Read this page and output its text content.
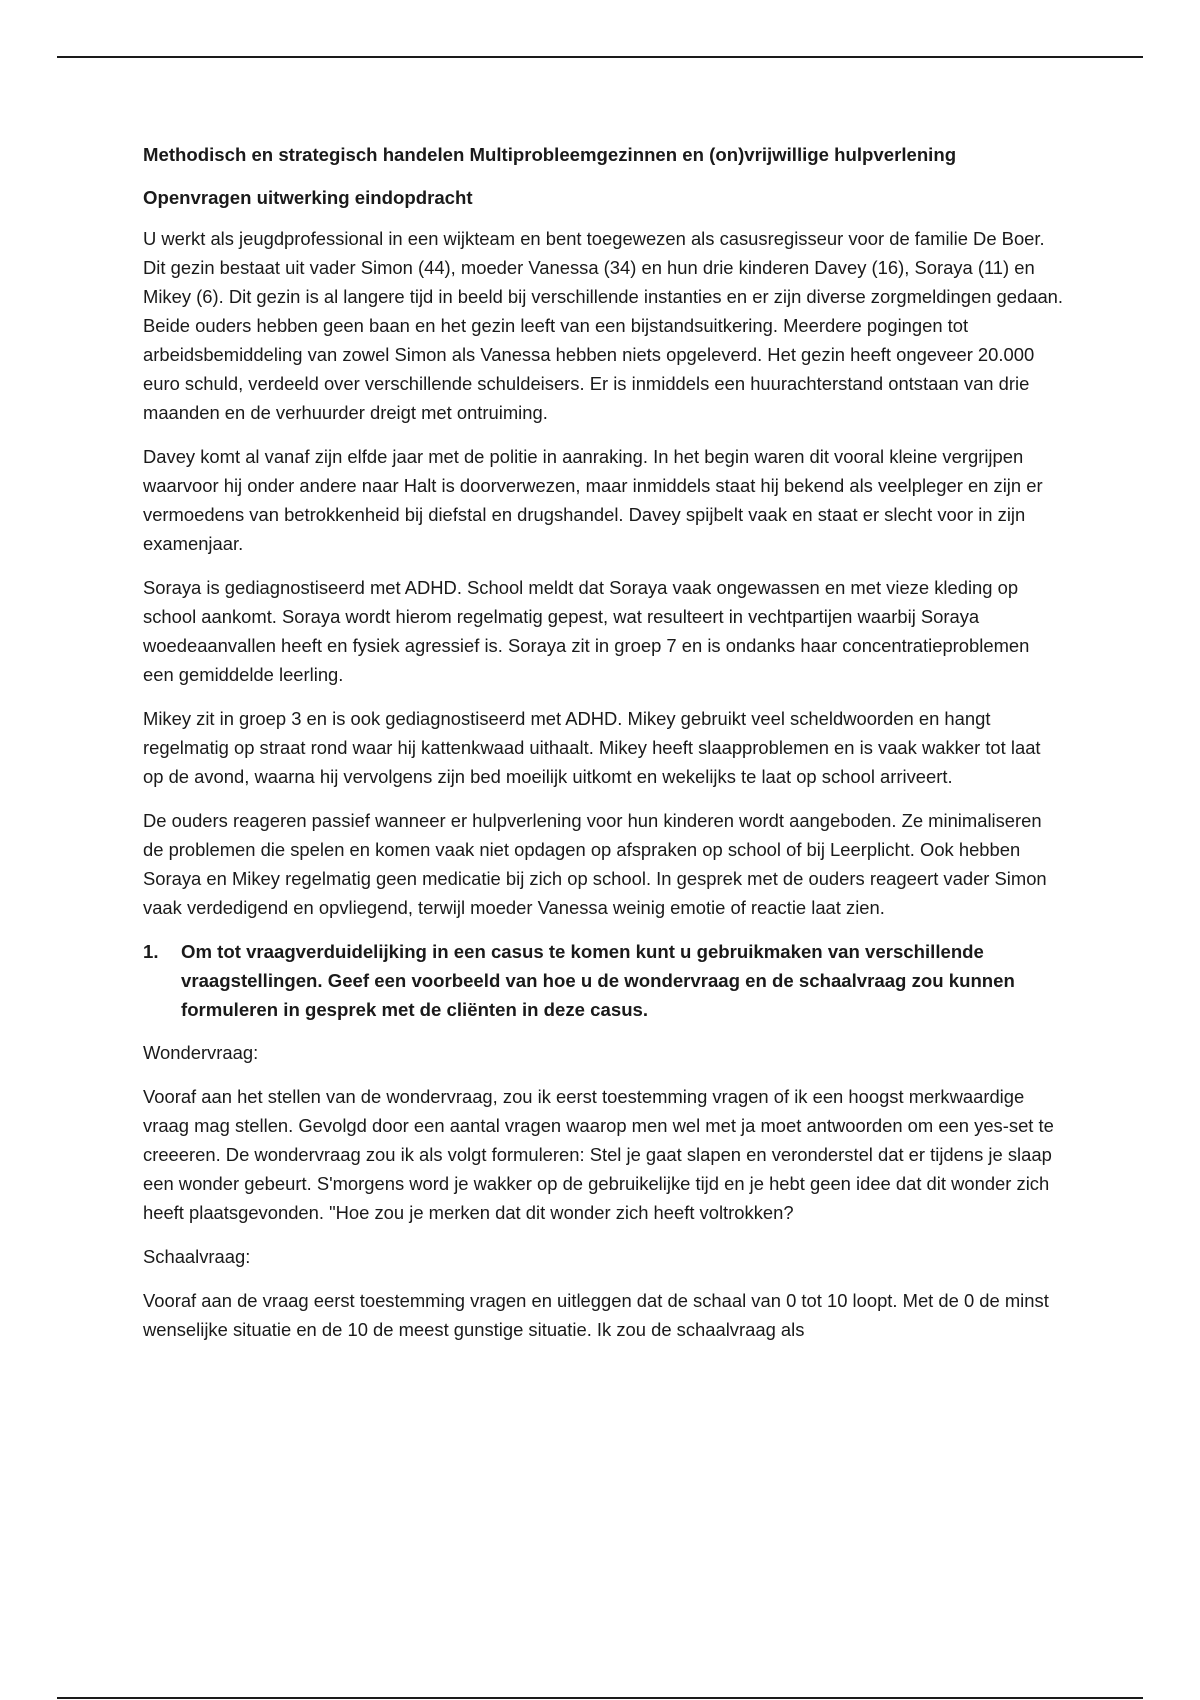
Methodisch en strategisch handelen Multiprobleemgezinnen en (on)vrijwillige hulpverlening
Openvragen uitwerking eindopdracht

U werkt als jeugdprofessional in een wijkteam en bent toegewezen als casusregisseur voor de familie De Boer. Dit gezin bestaat uit vader Simon (44), moeder Vanessa (34) en hun drie kinderen Davey (16), Soraya (11) en Mikey (6). Dit gezin is al langere tijd in beeld bij verschillende instanties en er zijn diverse zorgmeldingen gedaan. Beide ouders hebben geen baan en het gezin leeft van een bijstandsuitkering. Meerdere pogingen tot arbeidsbemiddeling van zowel Simon als Vanessa hebben niets opgeleverd. Het gezin heeft ongeveer 20.000 euro schuld, verdeeld over verschillende schuldeisers. Er is inmiddels een huurachterstand ontstaan van drie maanden en de verhuurder dreigt met ontruiming.

Davey komt al vanaf zijn elfde jaar met de politie in aanraking. In het begin waren dit vooral kleine vergrijpen waarvoor hij onder andere naar Halt is doorverwezen, maar inmiddels staat hij bekend als veelpleger en zijn er vermoedens van betrokkenheid bij diefstal en drugshandel. Davey spijbelt vaak en staat er slecht voor in zijn examenjaar.

Soraya is gediagnostiseerd met ADHD. School meldt dat Soraya vaak ongewassen en met vieze kleding op school aankomt. Soraya wordt hierom regelmatig gepest, wat resulteert in vechtpartijen waarbij Soraya woedeaanvallen heeft en fysiek agressief is. Soraya zit in groep 7 en is ondanks haar concentratieproblemen een gemiddelde leerling.

Mikey zit in groep 3 en is ook gediagnostiseerd met ADHD. Mikey gebruikt veel scheldwoorden en hangt regelmatig op straat rond waar hij kattenkwaad uithaalt. Mikey heeft slaapproblemen en is vaak wakker tot laat op de avond, waarna hij vervolgens zijn bed moeilijk uitkomt en wekelijks te laat op school arriveert.

De ouders reageren passief wanneer er hulpverlening voor hun kinderen wordt aangeboden. Ze minimaliseren de problemen die spelen en komen vaak niet opdagen op afspraken op school of bij Leerplicht. Ook hebben Soraya en Mikey regelmatig geen medicatie bij zich op school. In gesprek met de ouders reageert vader Simon vaak verdedigend en opvliegend, terwijl moeder Vanessa weinig emotie of reactie laat zien.

1.	Om tot vraagverduidelijking in een casus te komen kunt u gebruikmaken van verschillende vraagstellingen. Geef een voorbeeld van hoe u de wondervraag en de schaalvraag zou kunnen formuleren in gesprek met de cliënten in deze casus.

Wondervraag:

Vooraf aan het stellen van de wondervraag, zou ik eerst toestemming vragen of ik een hoogst merkwaardige vraag mag stellen. Gevolgd door een aantal vragen waarop men wel met ja moet antwoorden om een yes-set te creeeren. De wondervraag zou ik als volgt formuleren: Stel je gaat slapen en veronderstel dat er tijdens je slaap een wonder gebeurt. S'morgens word je wakker op de gebruikelijke tijd en je hebt geen idee dat dit wonder zich heeft plaatsgevonden. "Hoe zou je merken dat dit wonder zich heeft voltrokken?

Schaalvraag:

Vooraf aan de vraag eerst toestemming vragen en uitleggen dat de schaal van 0 tot 10 loopt. Met de 0 de minst wenselijke situatie en de 10 de meest gunstige situatie. Ik zou de schaalvraag als
